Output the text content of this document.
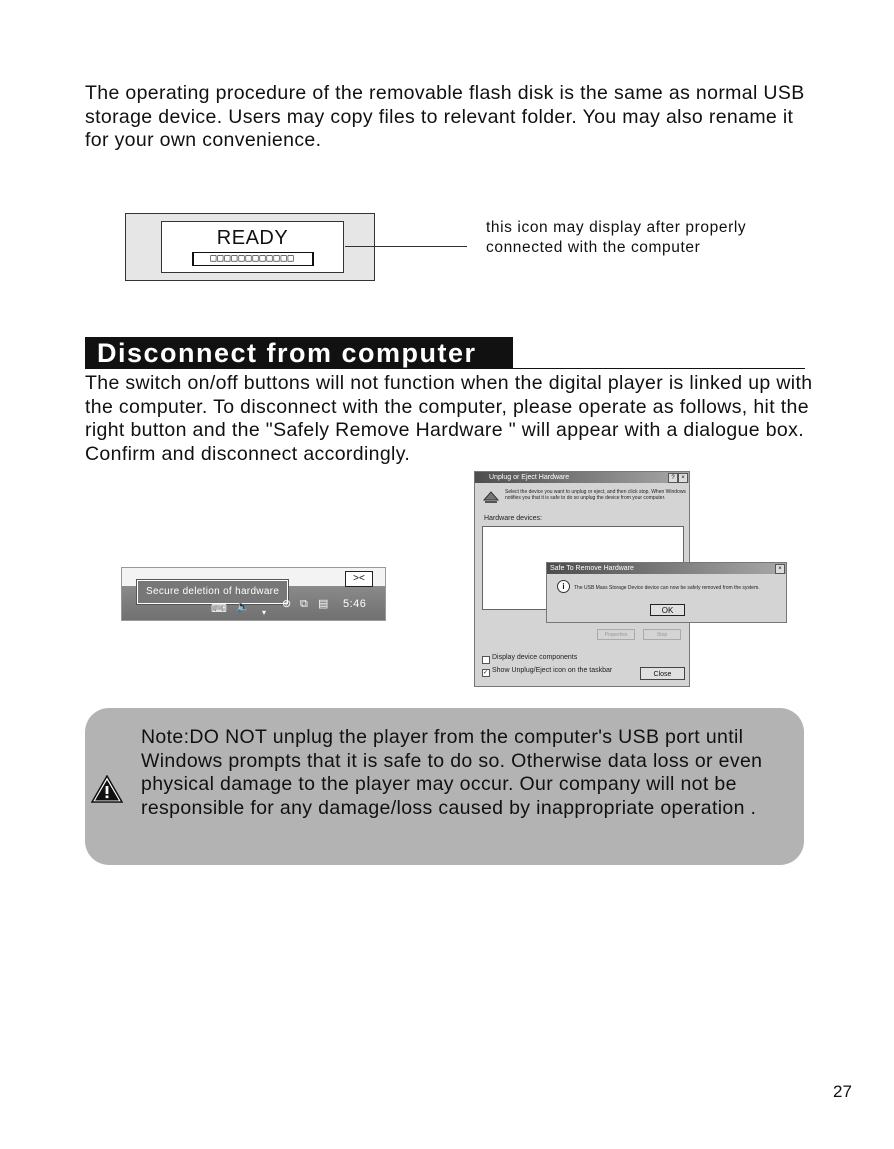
The operating procedure of the removable flash disk is the same as normal USB storage device. Users may copy files to relevant folder. You may also rename it for your own convenience.

READY
□□□□□□□□□□□□
this icon may display after properly connected with the computer
Disconnect from computer

The switch on/off buttons will not function when the digital player is linked up with the computer. To disconnect with the computer, please operate as follows, hit the right button and the "Safely Remove Hardware " will appear with a dialogue box. Confirm and disconnect accordingly.

><
Secure deletion of hardware
⌨ 🔈 ▾
⊛ ⧉ ▤ 5:46
Unplug or Eject Hardware	?	×
Select the device you want to unplug or eject, and then click stop. When Windows notifies you that it is safe to do so unplug the device from your computer.
Hardware devices:
Properties	Stop
Display device components
✓ Show Unplug/Eject icon on the taskbar
Close
Safe To Remove Hardware	×
i	The USB Mass Storage Device device can now be safely removed from the system.
OK

Note:DO NOT unplug the player from the computer's USB port until Windows prompts that it is safe to do so. Otherwise data loss or even physical damage to the player may occur. Our company will not be responsible for any damage/loss caused by inappropriate operation .

27
